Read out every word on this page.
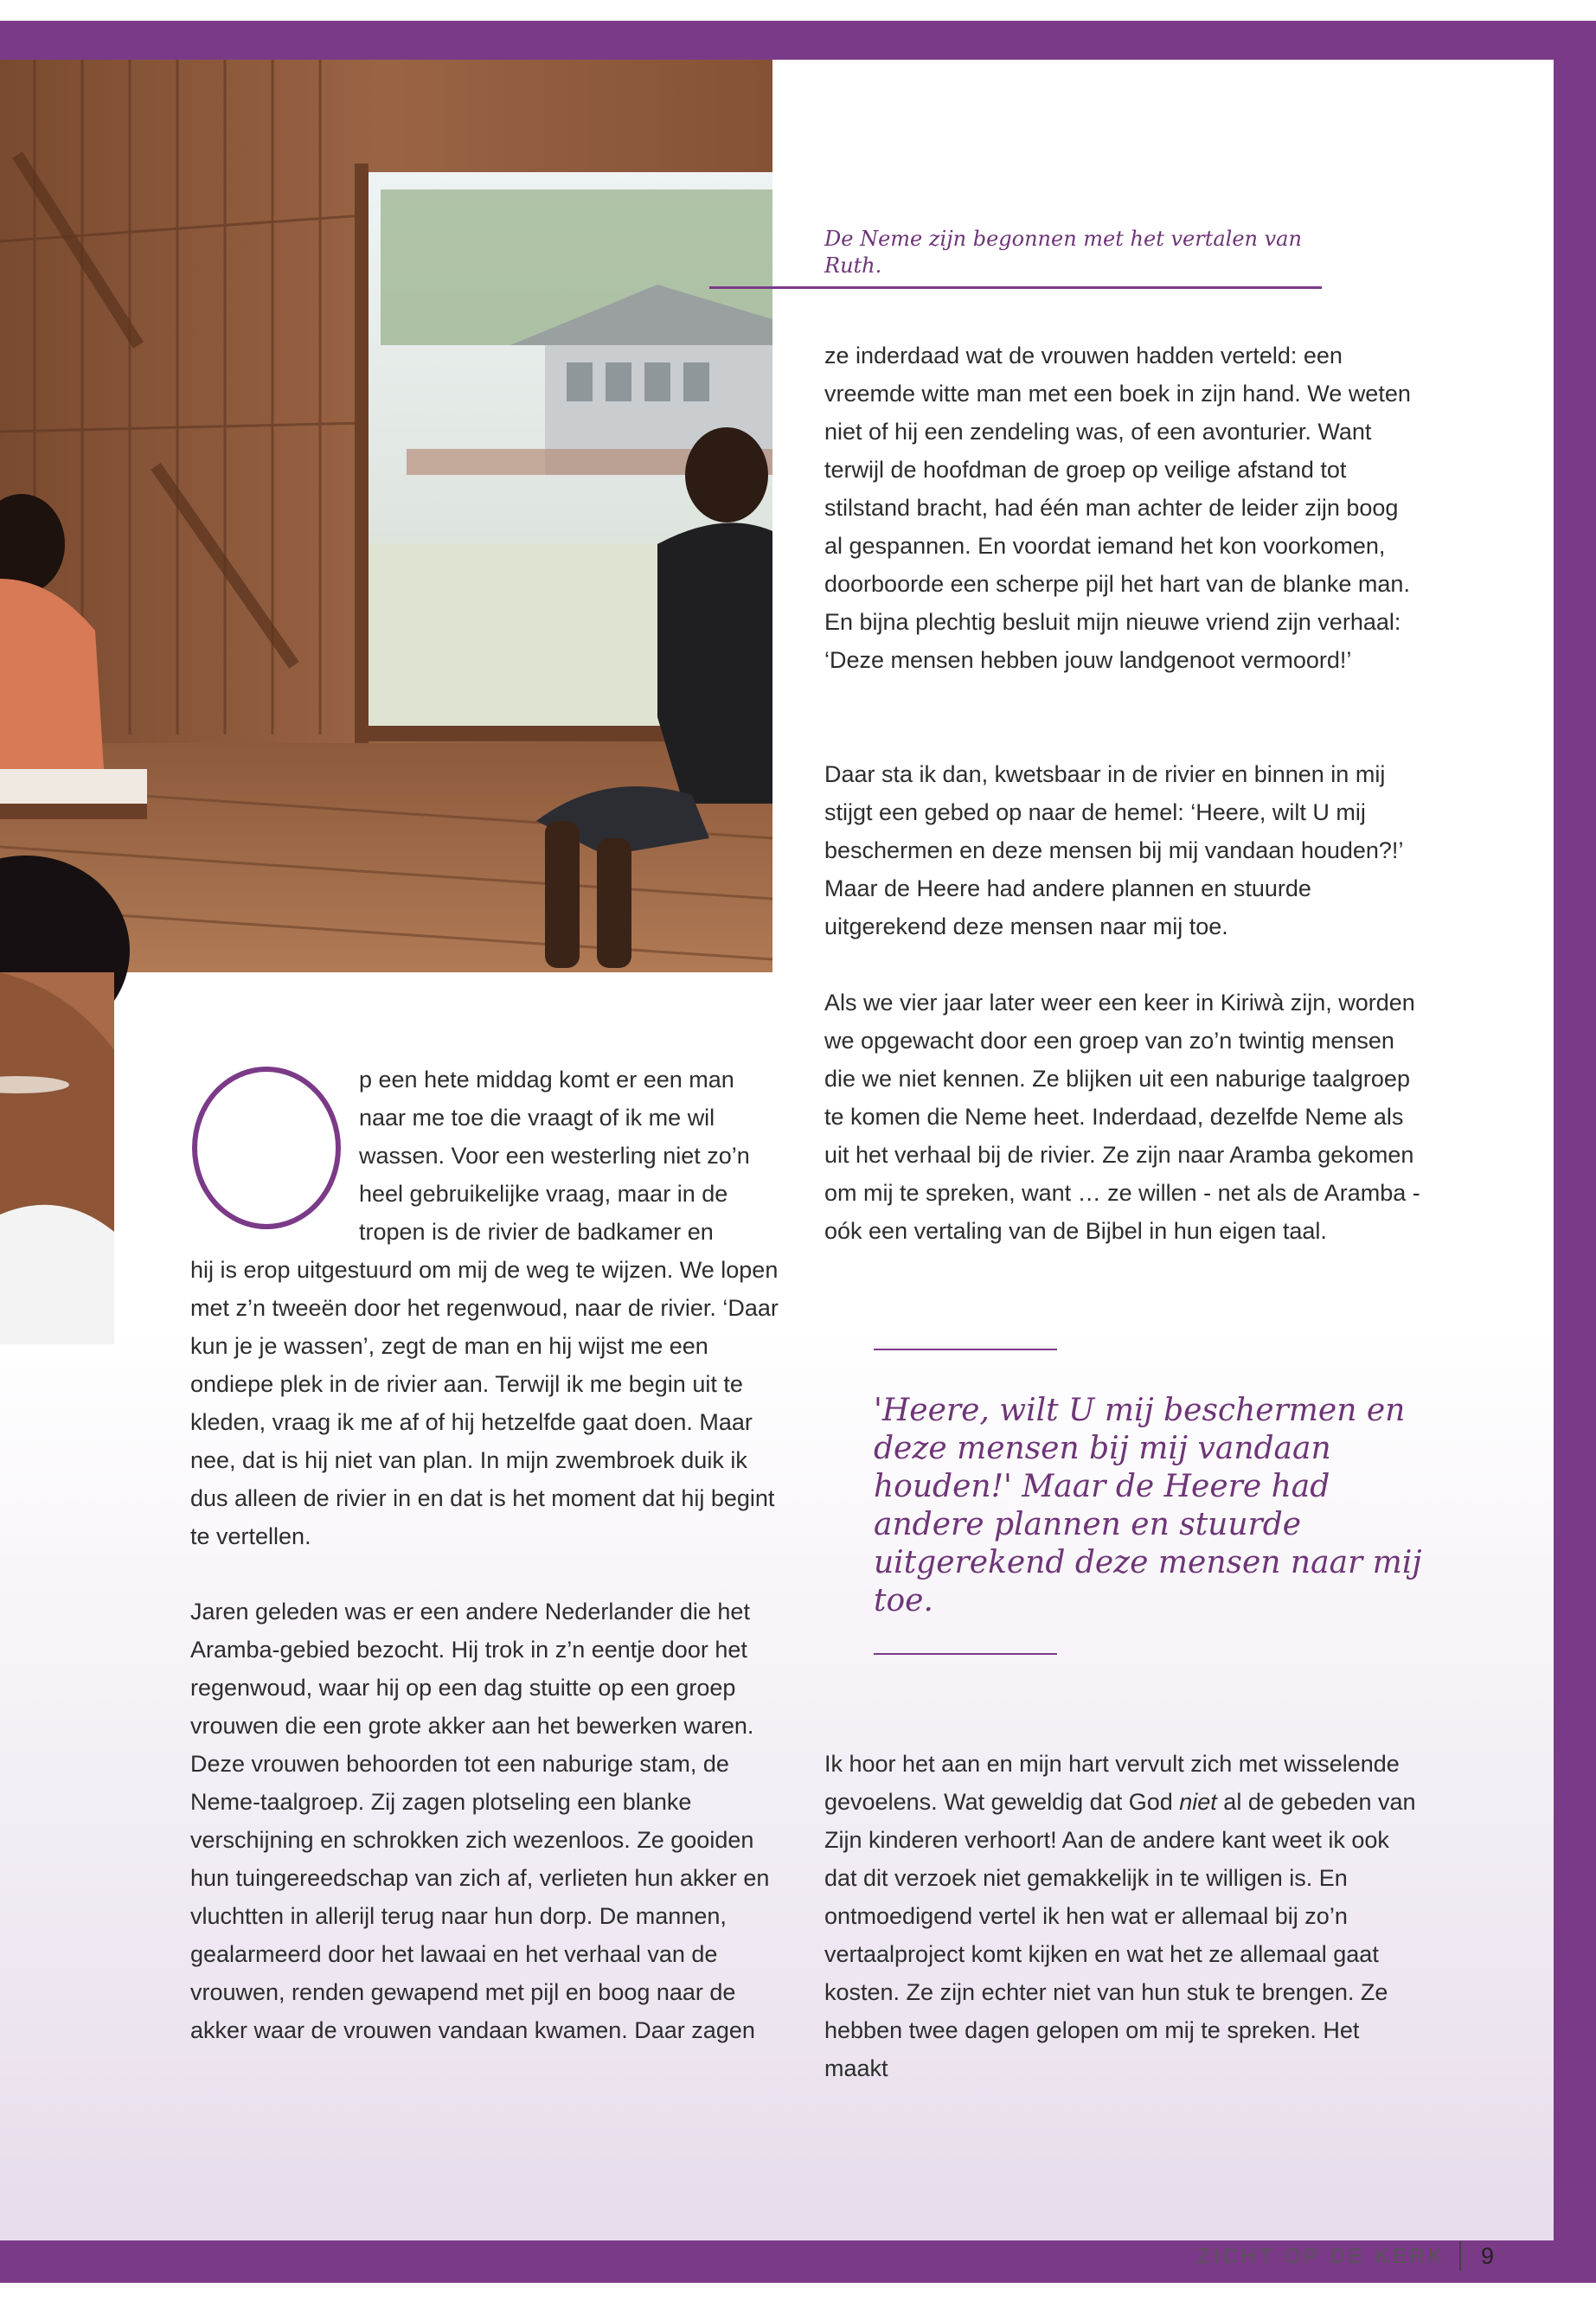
De Neme zijn begonnen met het vertalen van Ruth.

ze inderdaad wat de vrouwen hadden verteld: een vreemde witte man met een boek in zijn hand. We weten niet of hij een zendeling was, of een avonturier. Want terwijl de hoofdman de groep op veilige afstand tot stilstand bracht, had één man achter de leider zijn boog al gespannen. En voordat iemand het kon voorkomen, doorboorde een scherpe pijl het hart van de blanke man. En bijna plechtig besluit mijn nieuwe vriend zijn verhaal: ‘Deze mensen hebben jouw landgenoot vermoord!’

Daar sta ik dan, kwetsbaar in de rivier en binnen in mij stijgt een gebed op naar de hemel: ‘Heere, wilt U mij beschermen en deze mensen bij mij vandaan houden?!’ Maar de Heere had andere plannen en stuurde uitgerekend deze mensen naar mij toe.

Als we vier jaar later weer een keer in Kiriwà zijn, worden we opgewacht door een groep van zo’n twintig mensen die we niet kennen. Ze blijken uit een naburige taalgroep te komen die Neme heet. Inderdaad, dezelfde Neme als uit het verhaal bij de rivier. Ze zijn naar Aramba gekomen om mij te spreken, want … ze willen - net als de Aramba - oók een vertaling van de Bijbel in hun eigen taal.

'Heere, wilt U mij beschermen en deze mensen bij mij vandaan houden!' Maar de Heere had andere plannen en stuurde uitgerekend deze mensen naar mij toe.

Ik hoor het aan en mijn hart vervult zich met wisselende gevoelens. Wat geweldig dat God niet al de gebeden van Zijn kinderen verhoort! Aan de andere kant weet ik ook dat dit verzoek niet gemakkelijk in te willigen is. En ontmoedigend vertel ik hen wat er allemaal bij zo’n vertaalproject komt kijken en wat het ze allemaal gaat kosten. Ze zijn echter niet van hun stuk te brengen. Ze hebben twee dagen gelopen om mij te spreken. Het maakt

p een hete middag komt er een man
naar me toe die vraagt of ik me wil
wassen. Voor een westerling niet zo’n
heel gebruikelijke vraag, maar in de
tropen is de rivier de badkamer en

hij is erop uitgestuurd om mij de weg te wijzen. We lopen met z’n tweeën door het regenwoud, naar de rivier. ‘Daar kun je je wassen’, zegt de man en hij wijst me een ondiepe plek in de rivier aan. Terwijl ik me begin uit te kleden, vraag ik me af of hij hetzelfde gaat doen. Maar nee, dat is hij niet van plan. In mijn zwembroek duik ik dus alleen de rivier in en dat is het moment dat hij begint te vertellen.

Jaren geleden was er een andere Nederlander die het Aramba-gebied bezocht. Hij trok in z’n eentje door het regenwoud, waar hij op een dag stuitte op een groep vrouwen die een grote akker aan het bewerken waren. Deze vrouwen behoorden tot een naburige stam, de Neme-taalgroep. Zij zagen plotseling een blanke verschijning en schrokken zich wezenloos. Ze gooiden hun tuingereedschap van zich af, verlieten hun akker en vluchtten in allerijl terug naar hun dorp. De mannen, gealarmeerd door het lawaai en het verhaal van de vrouwen, renden gewapend met pijl en boog naar de akker waar de vrouwen vandaan kwamen. Daar zagen

ZICHT OP DE KERK 9
